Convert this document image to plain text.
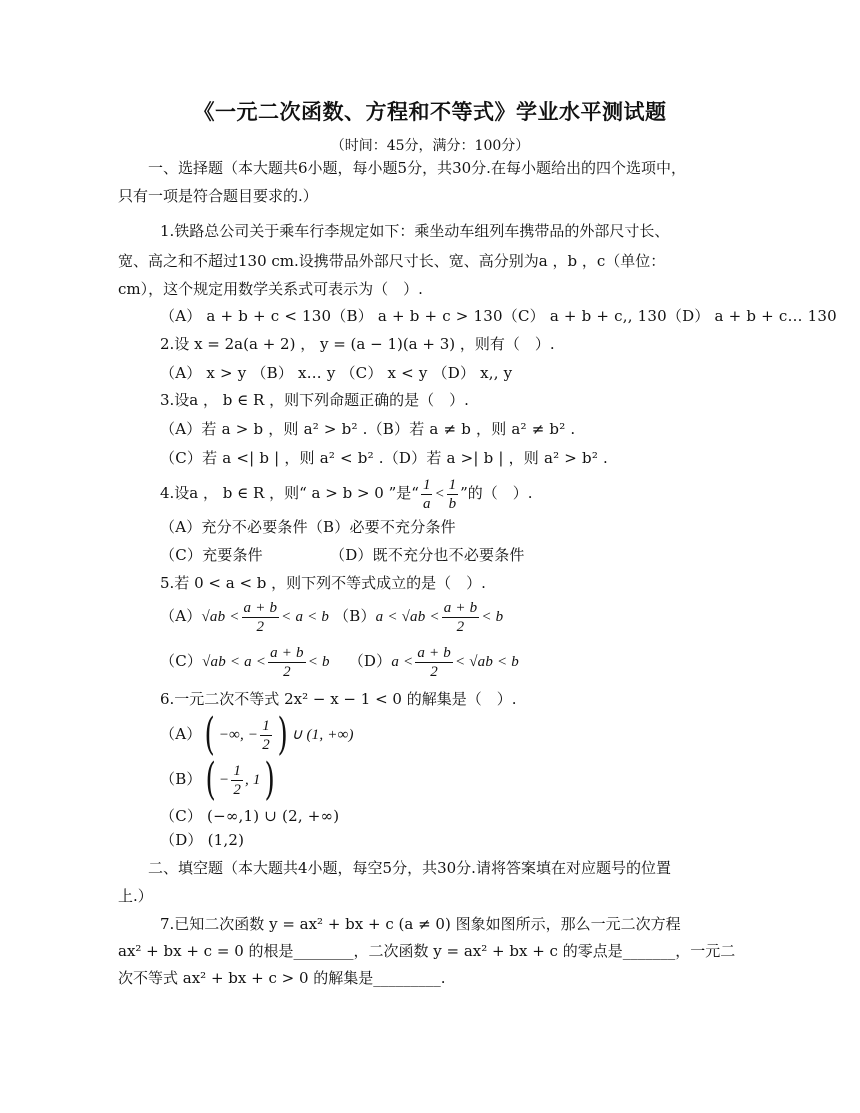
《一元二次函数、方程和不等式》学业水平测试题
（时间：45分，满分：100分）
一、选择题（本大题共6小题，每小题5分，共30分.在每小题给出的四个选项中，
只有一项是符合题目要求的.）
1.铁路总公司关于乘车行李规定如下：乘坐动车组列车携带品的外部尺寸长、
宽、高之和不超过130 cm.设携带品外部尺寸长、宽、高分别为a ，b ，c（单位：
cm），这个规定用数学关系式可表示为（　）.
（A） a + b + c < 130（B） a + b + c > 130（C） a + b + c,, 130（D） a + b + c… 130
2.设 x = 2a(a + 2) ， y = (a − 1)(a + 3) ，则有（　）.
（A） x > y （B） x… y （C） x < y （D） x,, y
3.设a ， b ∈ R ，则下列命题正确的是（　）.
（A）若 a > b ，则 a² > b² .（B）若 a ≠ b ，则 a² ≠ b² .
（C）若 a <| b | ，则 a² < b² .（D）若 a >| b | ，则 a² > b² .
4.设a ， b ∈ R ，则“ a > b > 0 ”是“ $\frac{1}{a} < \frac{1}{b}$ ”的（　）.
（A）充分不必要条件（B）必要不充分条件
（C）充要条件	（D）既不充分也不必要条件
5.若 0 < a < b ，则下列不等式成立的是（　）.
$(A)√ab < \frac{a + b}{2} < a < b$ $(B)a < √ab < \frac{a + b}{2} < b$
$(C)√ab < a < \frac{a + b}{2} < b$ $(D)a < \frac{a + b}{2} < √ab < b$
6.一元二次不等式 2x² − x − 1 < 0 的解集是（　）.
（A）( −∞, − $\frac{1}{2}$ ) ∪ (1, +∞)
$(B)( - \frac{1}{2}$ , 1)
（C） (−∞,1) ∪ (2, +∞)
（D） (1,2)
二、填空题（本大题共4小题，每空5分，共30分.请将答案填在对应题号的位置
上.）
7.已知二次函数 y = ax² + bx + c (a ≠ 0) 图象如图所示，那么一元二次方程
ax² + bx + c = 0 的根是________，二次函数 y = ax² + bx + c 的零点是_______，一元二
次不等式 ax² + bx + c > 0 的解集是_________.
